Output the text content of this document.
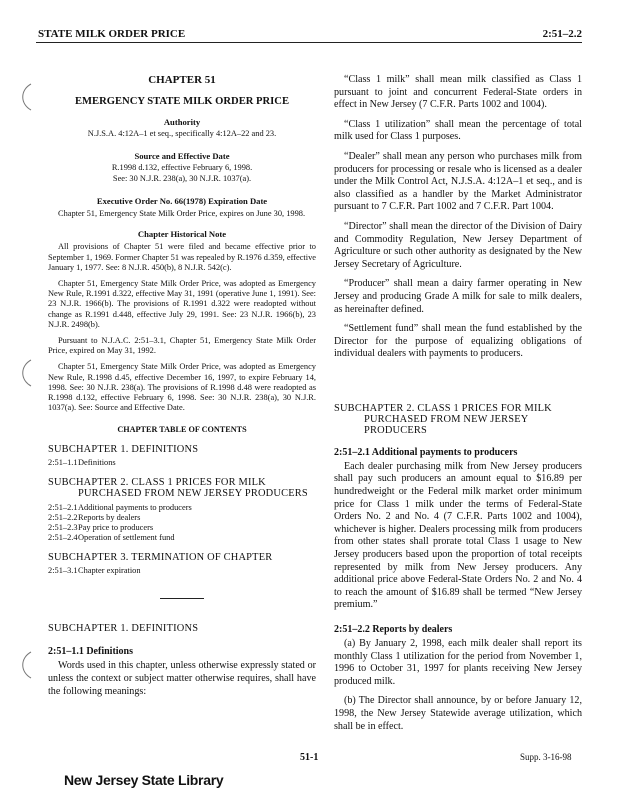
STATE MILK ORDER PRICE	2:51–2.2

CHAPTER 51

EMERGENCY STATE MILK ORDER PRICE

Authority

N.J.S.A. 4:12A–1 et seq., specifically 4:12A–22 and 23.

Source and Effective Date

R.1998 d.132, effective February 6, 1998.

See: 30 N.J.R. 238(a), 30 N.J.R. 1037(a).

Executive Order No. 66(1978) Expiration Date

Chapter 51, Emergency State Milk Order Price, expires on June 30, 1998.

Chapter Historical Note

All provisions of Chapter 51 were filed and became effective prior to September 1, 1969. Former Chapter 51 was repealed by R.1976 d.359, effective January 1, 1977. See: 8 N.J.R. 450(b), 8 N.J.R. 542(c).

Chapter 51, Emergency State Milk Order Price, was adopted as Emergency New Rule, R.1991 d.322, effective May 31, 1991 (operative June 1, 1991). See: 23 N.J.R. 1966(b). The provisions of R.1991 d.322 were readopted without change as R.1991 d.448, effective July 29, 1991. See: 23 N.J.R. 1966(b), 23 N.J.R. 2498(b).

Pursuant to N.J.A.C. 2:51–3.1, Chapter 51, Emergency State Milk Order Price, expired on May 31, 1992.

Chapter 51, Emergency State Milk Order Price, was adopted as Emergency New Rule, R.1998 d.45, effective December 16, 1997, to expire February 14, 1998. See: 30 N.J.R. 238(a). The provisions of R.1998 d.48 were readopted as R.1998 d.132, effective February 6, 1998. See: 30 N.J.R. 238(a), 30 N.J.R. 1037(a). See: Source and Effective Date.

CHAPTER TABLE OF CONTENTS

SUBCHAPTER 1. DEFINITIONS

2:51–1.1 Definitions

SUBCHAPTER 2. CLASS 1 PRICES FOR MILK

PURCHASED FROM NEW JERSEY PRODUCERS

2:51–2.1 Additional payments to producers
2:51–2.2 Reports by dealers
2:51–2.3 Pay price to producers
2:51–2.4 Operation of settlement fund

SUBCHAPTER 3. TERMINATION OF CHAPTER

2:51–3.1 Chapter expiration

SUBCHAPTER 1. DEFINITIONS

2:51–1.1 Definitions

Words used in this chapter, unless otherwise expressly stated or unless the context or subject matter otherwise requires, shall have the following meanings:

“Class 1 milk” shall mean milk classified as Class 1 pursuant to joint and concurrent Federal-State orders in effect in New Jersey (7 C.F.R. Parts 1002 and 1004).

“Class 1 utilization” shall mean the percentage of total milk used for Class 1 purposes.

“Dealer” shall mean any person who purchases milk from producers for processing or resale who is licensed as a dealer under the Milk Control Act, N.J.S.A. 4:12A–1 et seq., and is also classified as a handler by the Market Administrator pursuant to 7 C.F.R. Part 1002 and 7 C.F.R. Part 1004.

“Director” shall mean the director of the Division of Dairy and Commodity Regulation, New Jersey Department of Agriculture or such other authority as designated by the New Jersey Secretary of Agriculture.

“Producer” shall mean a dairy farmer operating in New Jersey and producing Grade A milk for sale to milk dealers, as hereinafter defined.

“Settlement fund” shall mean the fund established by the Director for the purpose of equalizing obligations of individual dealers with payments to producers.

SUBCHAPTER 2. CLASS 1 PRICES FOR MILK

PURCHASED FROM NEW JERSEY

PRODUCERS

2:51–2.1 Additional payments to producers

Each dealer purchasing milk from New Jersey producers shall pay such producers an amount equal to $16.89 per hundredweight or the Federal milk market order minimum price for Class 1 milk under the terms of Federal-State Orders No. 2 and No. 4 (7 C.F.R. Parts 1002 and 1004), whichever is higher. Dealers processing milk from producers from other states shall prorate total Class 1 usage to New Jersey producers based upon the proportion of total receipts represented by milk from New Jersey producers. Any additional price above Federal-State Orders No. 2 and No. 4 to reach the amount of $16.89 shall be termed “New Jersey premium.”

2:51–2.2 Reports by dealers

(a) By January 2, 1998, each milk dealer shall report its monthly Class 1 utilization for the period from November 1, 1996 to October 31, 1997 for plants receiving New Jersey produced milk.

(b) The Director shall announce, by or before January 12, 1998, the New Jersey Statewide average utilization, which shall be in effect.

51-1	Supp. 3-16-98
New Jersey State Library
